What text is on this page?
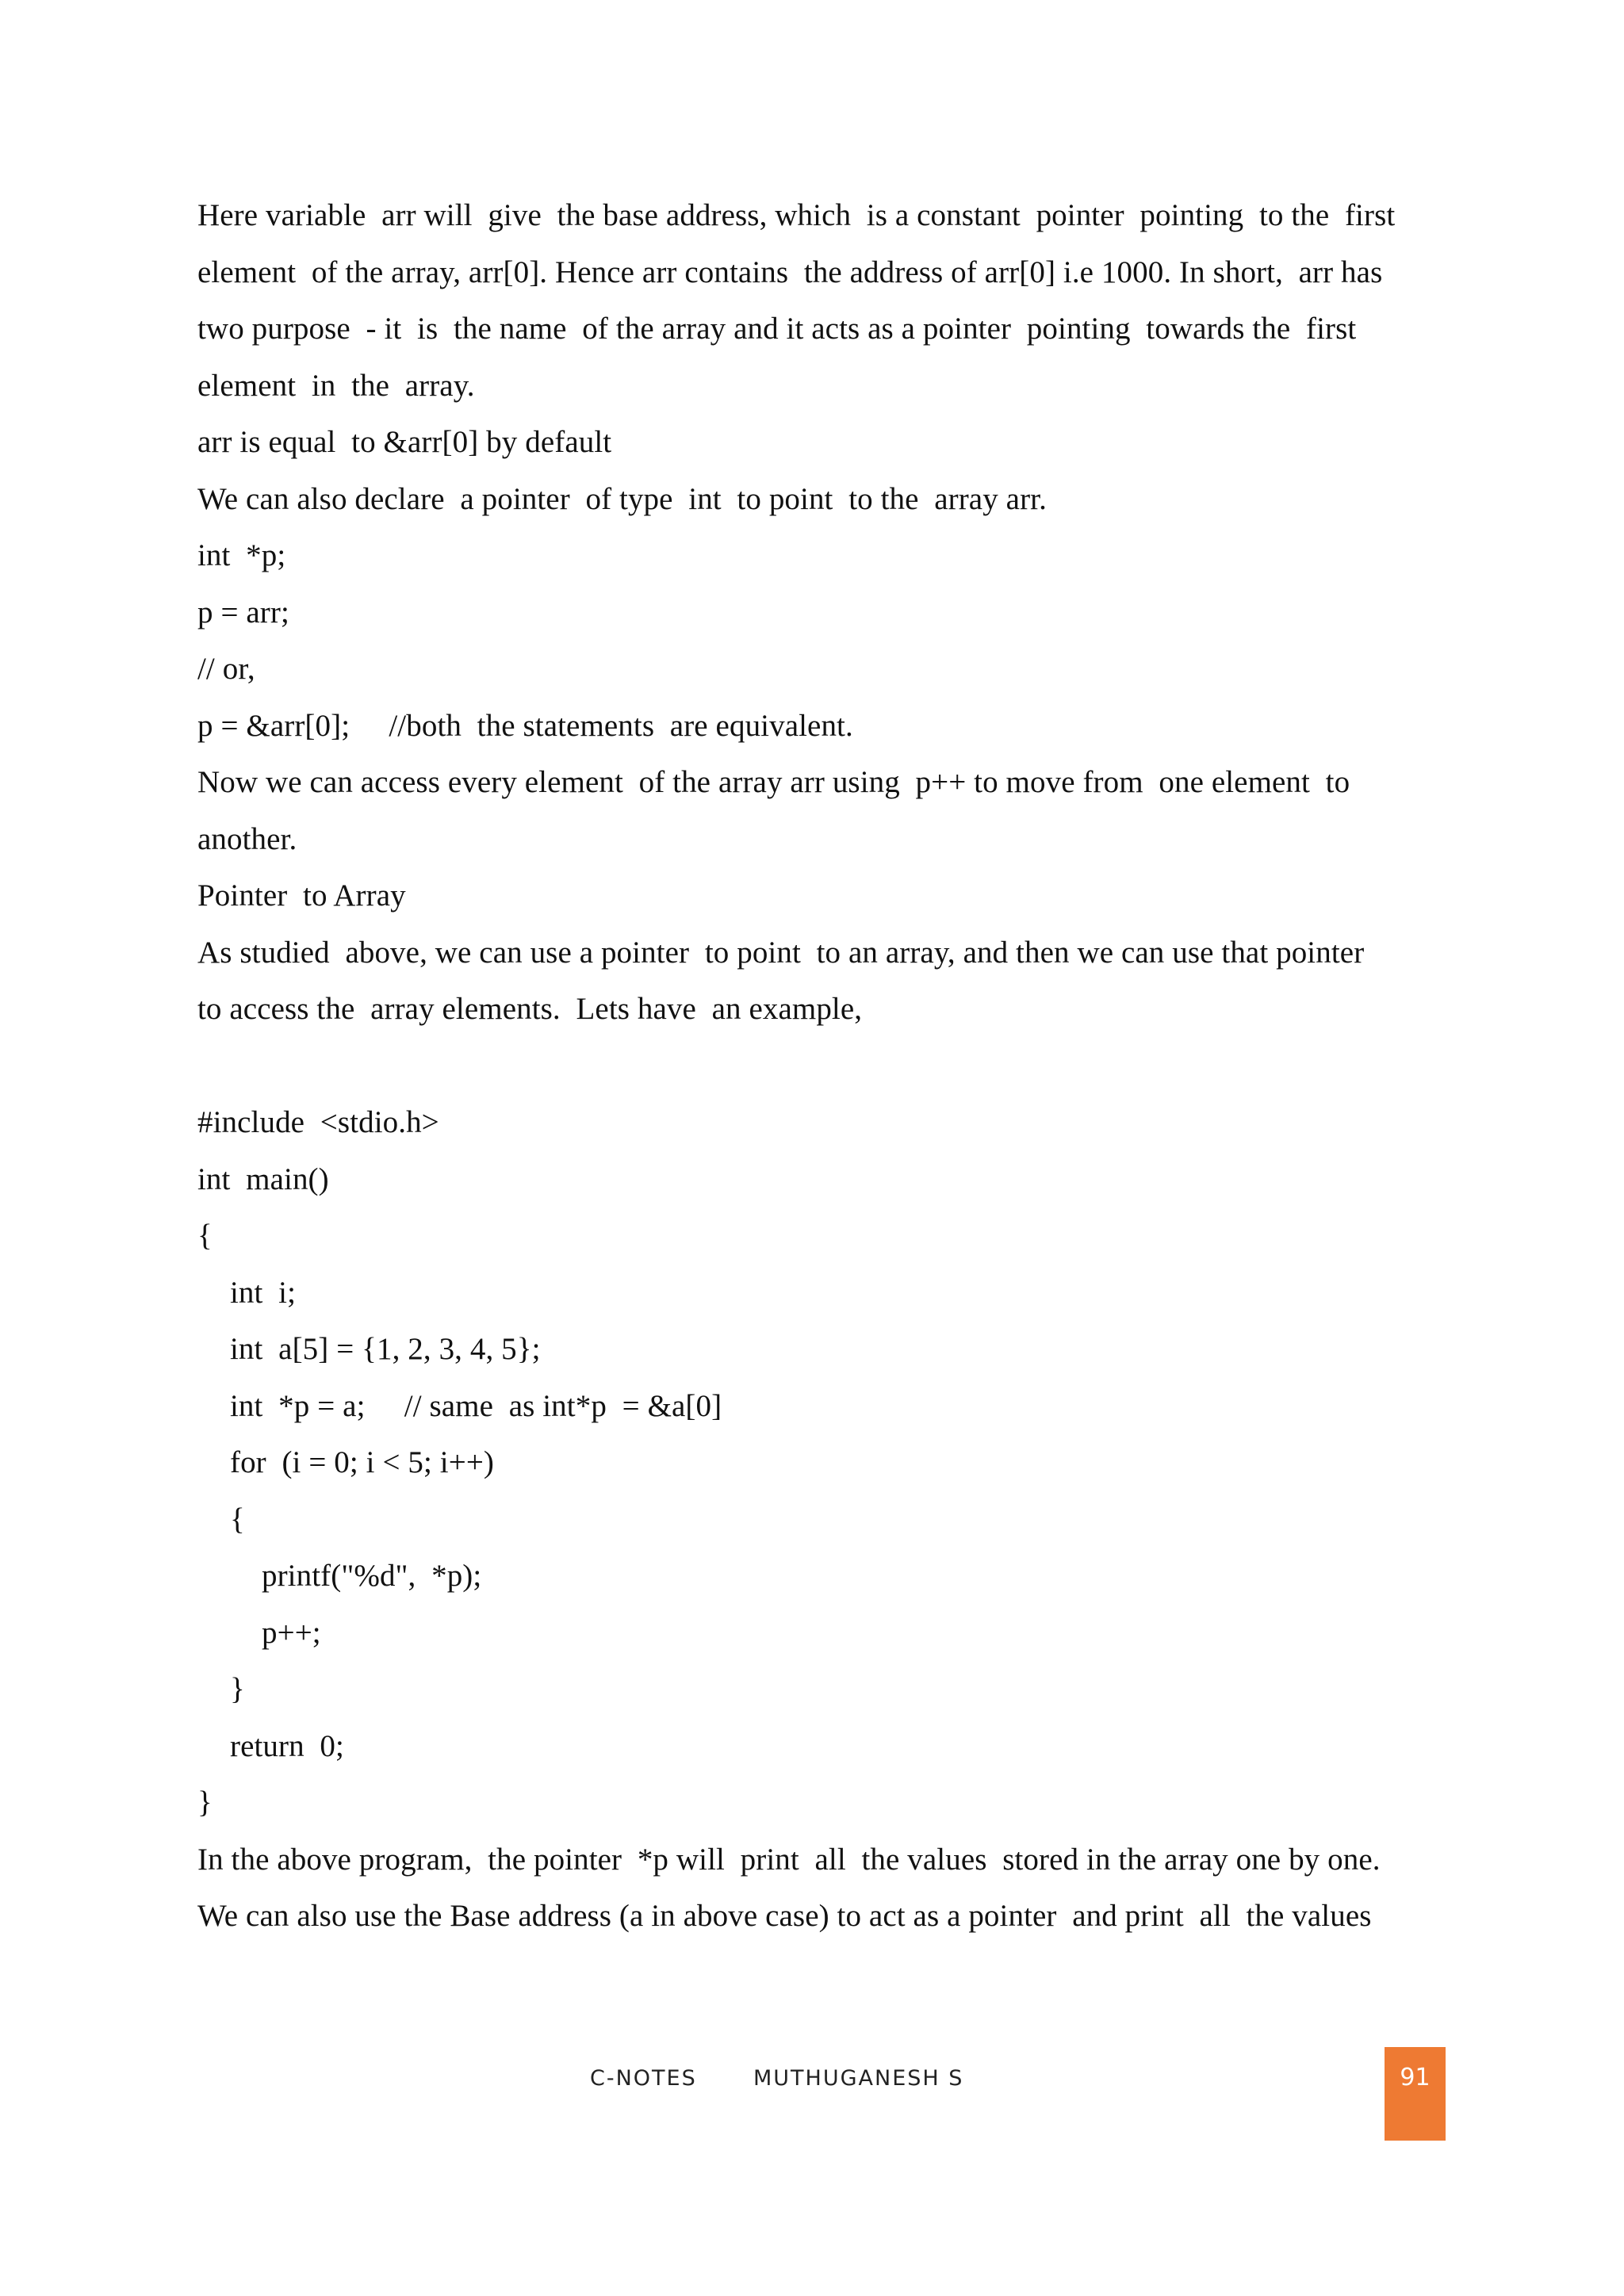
Here variable  arr will  give  the base address, which  is a constant  pointer  pointing  to the  first
element  of the array, arr[0]. Hence arr contains  the address of arr[0] i.e 1000. In short,  arr has
two purpose  - it  is  the name  of the array and it acts as a pointer  pointing  towards the  first
element  in  the  array.
arr is equal  to &arr[0] by default
We can also declare  a pointer  of type  int  to point  to the  array arr.
int  *p;
p = arr;
// or,
p = &arr[0];     //both  the statements  are equivalent.
Now we can access every element  of the array arr using  p++ to move from  one element  to
another.
Pointer  to Array
As studied  above, we can use a pointer  to point  to an array, and then we can use that pointer
to access the  array elements.  Lets have  an example,
#include  <stdio.h>
int  main()
{
int  i;
int  a[5] = {1, 2, 3, 4, 5};
int  *p = a;     // same  as int*p  = &a[0]
for  (i = 0; i < 5; i++)
{
printf("%d",  *p);
p++;
}
return  0;
}
In the above program,  the pointer  *p will  print  all  the values  stored in the array one by one.
We can also use the Base address (a in above case) to act as a pointer  and print  all  the values
C-NOTES	MUTHUGANESH S	91
